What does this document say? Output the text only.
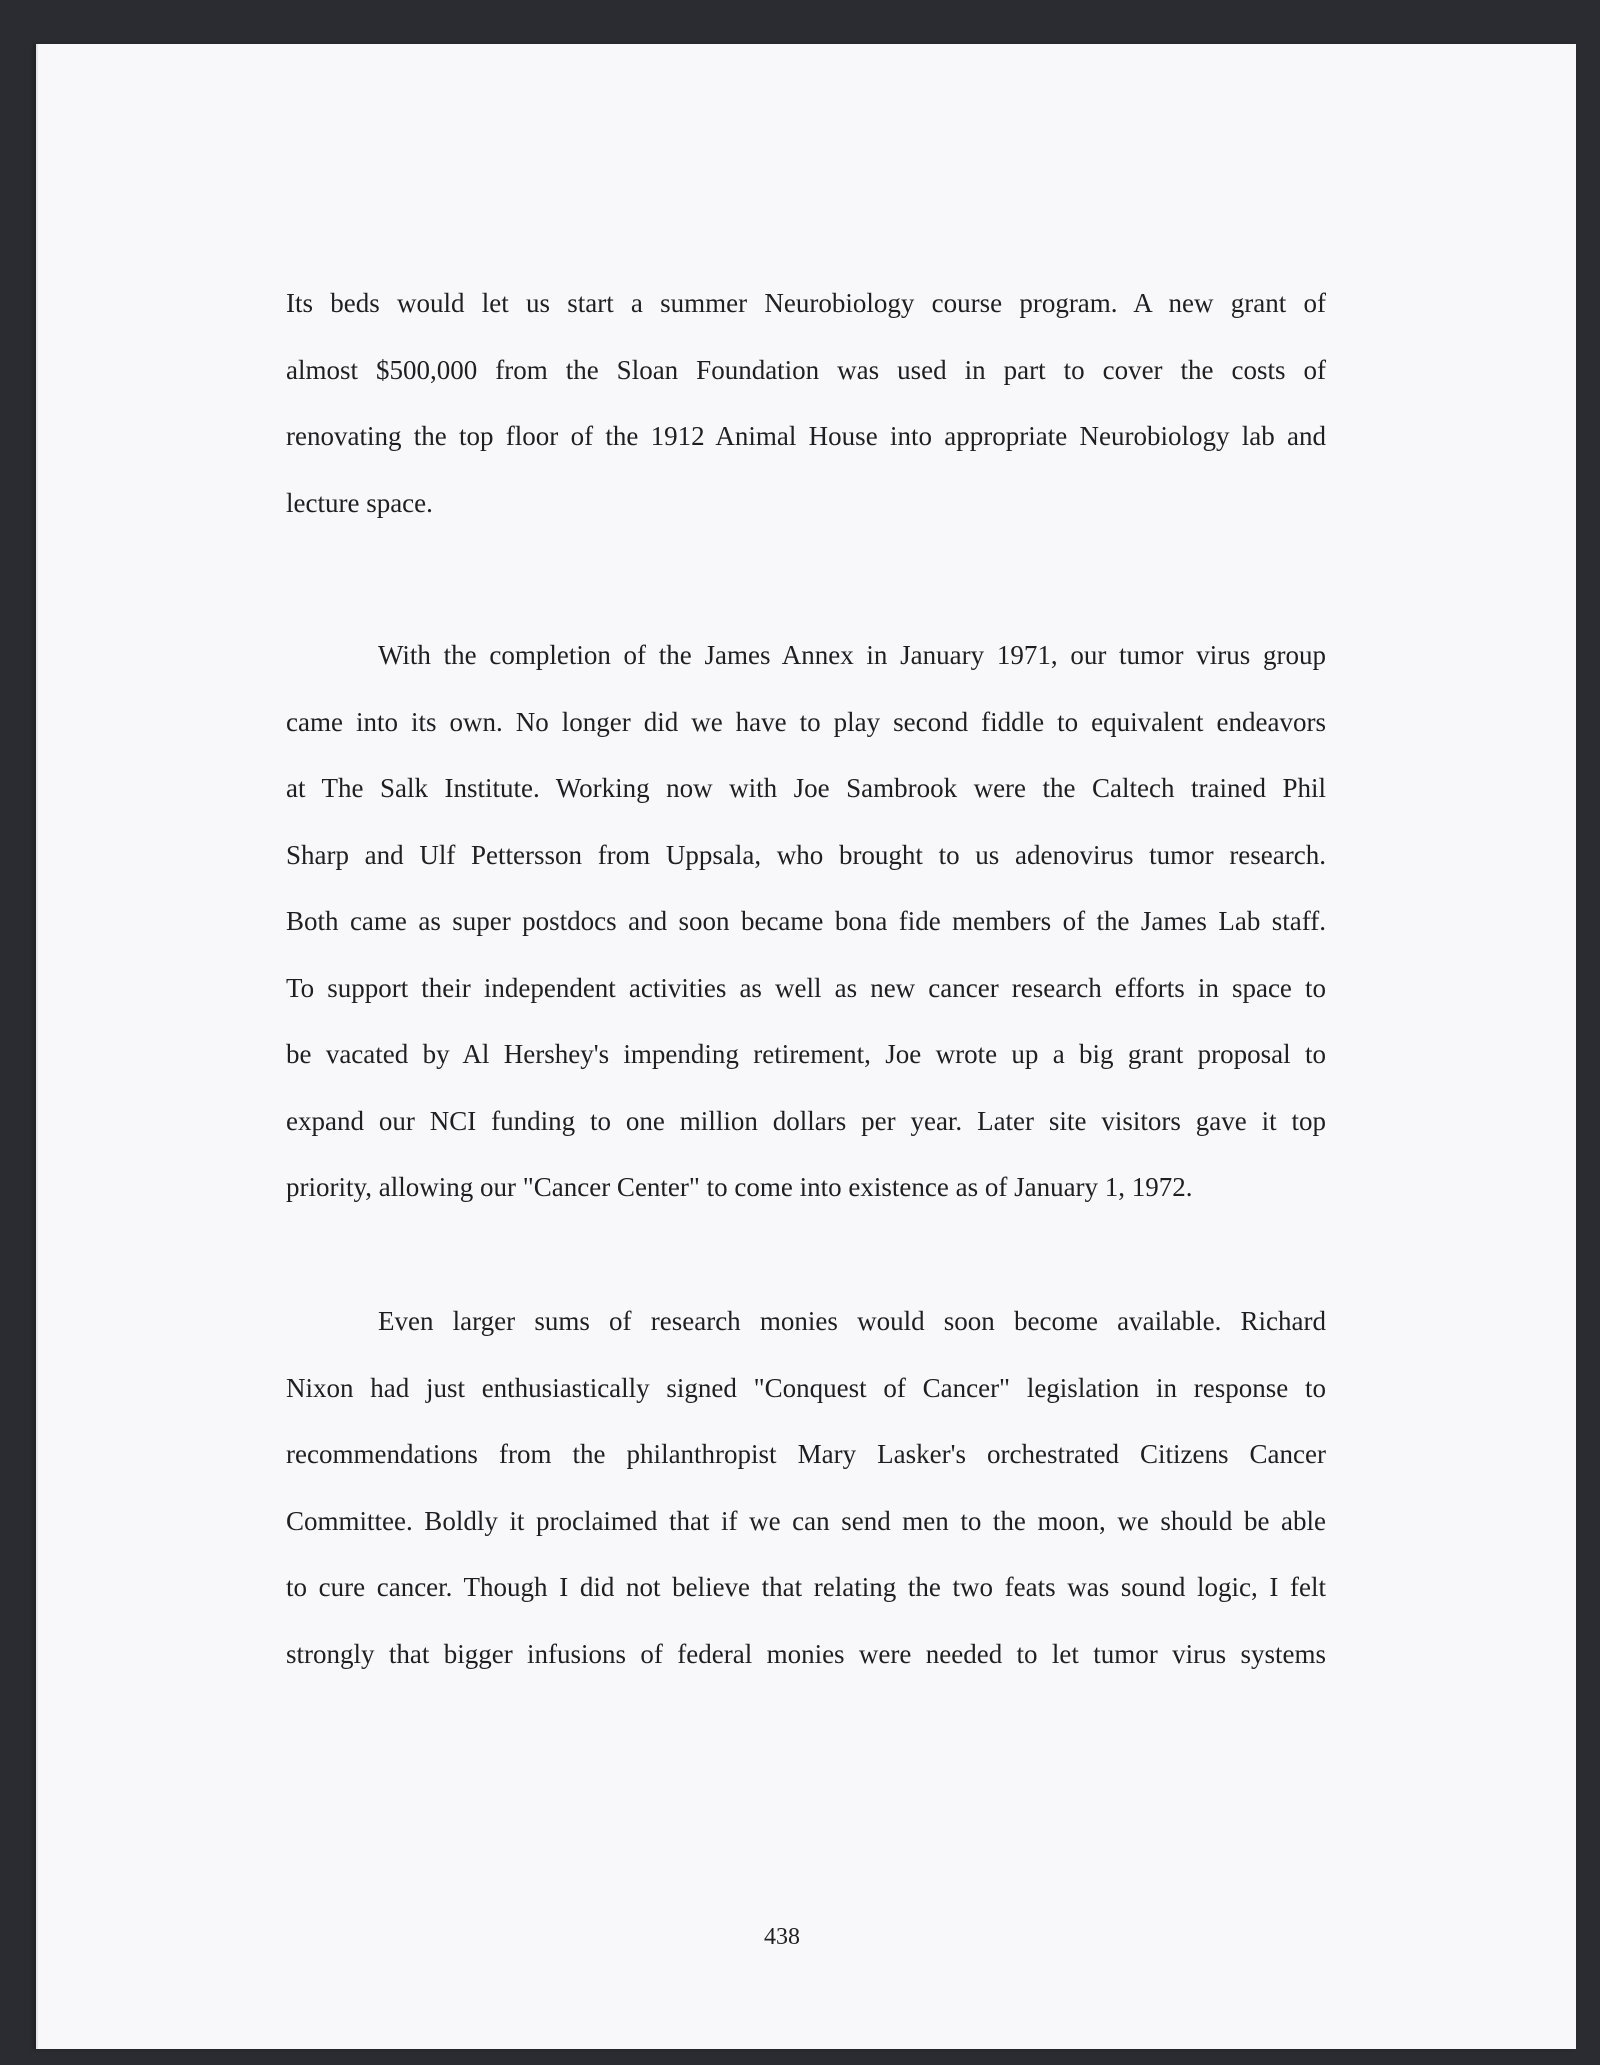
Its beds would let us start a summer Neurobiology course program. A new grant of
almost $500,000 from the Sloan Foundation was used in part to cover the costs of
renovating the top floor of the 1912 Animal House into appropriate Neurobiology lab and
lecture space.
With the completion of the James Annex in January 1971, our tumor virus group
came into its own. No longer did we have to play second fiddle to equivalent endeavors
at The Salk Institute. Working now with Joe Sambrook were the Caltech trained Phil
Sharp and Ulf Pettersson from Uppsala, who brought to us adenovirus tumor research.
Both came as super postdocs and soon became bona fide members of the James Lab staff.
To support their independent activities as well as new cancer research efforts in space to
be vacated by Al Hershey's impending retirement, Joe wrote up a big grant proposal to
expand our NCI funding to one million dollars per year. Later site visitors gave it top
priority, allowing our "Cancer Center" to come into existence as of January 1, 1972.
Even larger sums of research monies would soon become available. Richard
Nixon had just enthusiastically signed "Conquest of Cancer" legislation in response to
recommendations from the philanthropist Mary Lasker's orchestrated Citizens Cancer
Committee. Boldly it proclaimed that if we can send men to the moon, we should be able
to cure cancer. Though I did not believe that relating the two feats was sound logic, I felt
strongly that bigger infusions of federal monies were needed to let tumor virus systems
438
